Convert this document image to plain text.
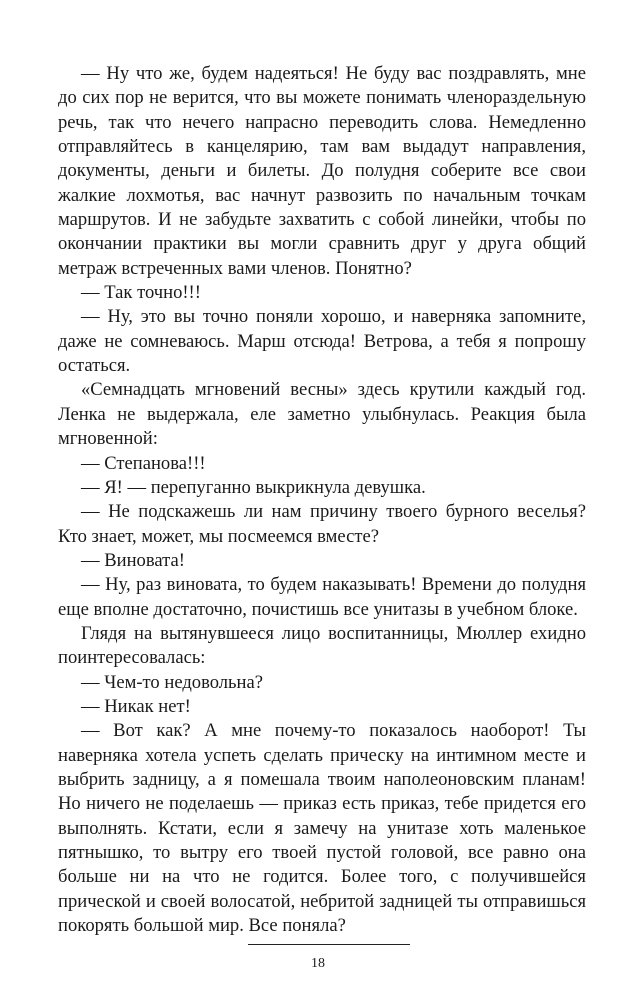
— Ну что же, будем надеяться! Не буду вас поздравлять, мне до сих пор не верится, что вы можете понимать членораздельную речь, так что нечего напрасно переводить слова. Немедленно отправляйтесь в канцелярию, там вам выдадут направления, документы, деньги и билеты. До полудня соберите все свои жалкие лохмотья, вас начнут развозить по начальным точкам маршрутов. И не забудьте захватить с собой линейки, чтобы по окончании практики вы могли сравнить друг у друга общий метраж встреченных вами членов. Понятно?

— Так точно!!!

— Ну, это вы точно поняли хорошо, и наверняка запомните, даже не сомневаюсь. Марш отсюда! Ветрова, а тебя я попрошу остаться.

«Семнадцать мгновений весны» здесь крутили каждый год. Ленка не выдержала, еле заметно улыбнулась. Реакция была мгновенной:

— Степанова!!!

— Я! — перепуганно выкрикнула девушка.

— Не подскажешь ли нам причину твоего бурного веселья? Кто знает, может, мы посмеемся вместе?

— Виновата!

— Ну, раз виновата, то будем наказывать! Времени до полудня еще вполне достаточно, почистишь все унитазы в учебном блоке.

Глядя на вытянувшееся лицо воспитанницы, Мюллер ехидно поинтересовалась:

— Чем-то недовольна?

— Никак нет!

— Вот как? А мне почему-то показалось наоборот! Ты наверняка хотела успеть сделать прическу на интимном месте и выбрить задницу, а я помешала твоим наполеоновским планам! Но ничего не поделаешь — приказ есть приказ, тебе придется его выполнять. Кстати, если я замечу на унитазе хоть маленькое пятнышко, то вытру его твоей пустой головой, все равно она больше ни на что не годится. Более того, с получившейся прической и своей волосатой, небритой задницей ты отправишься покорять большой мир. Все поняла?

18
